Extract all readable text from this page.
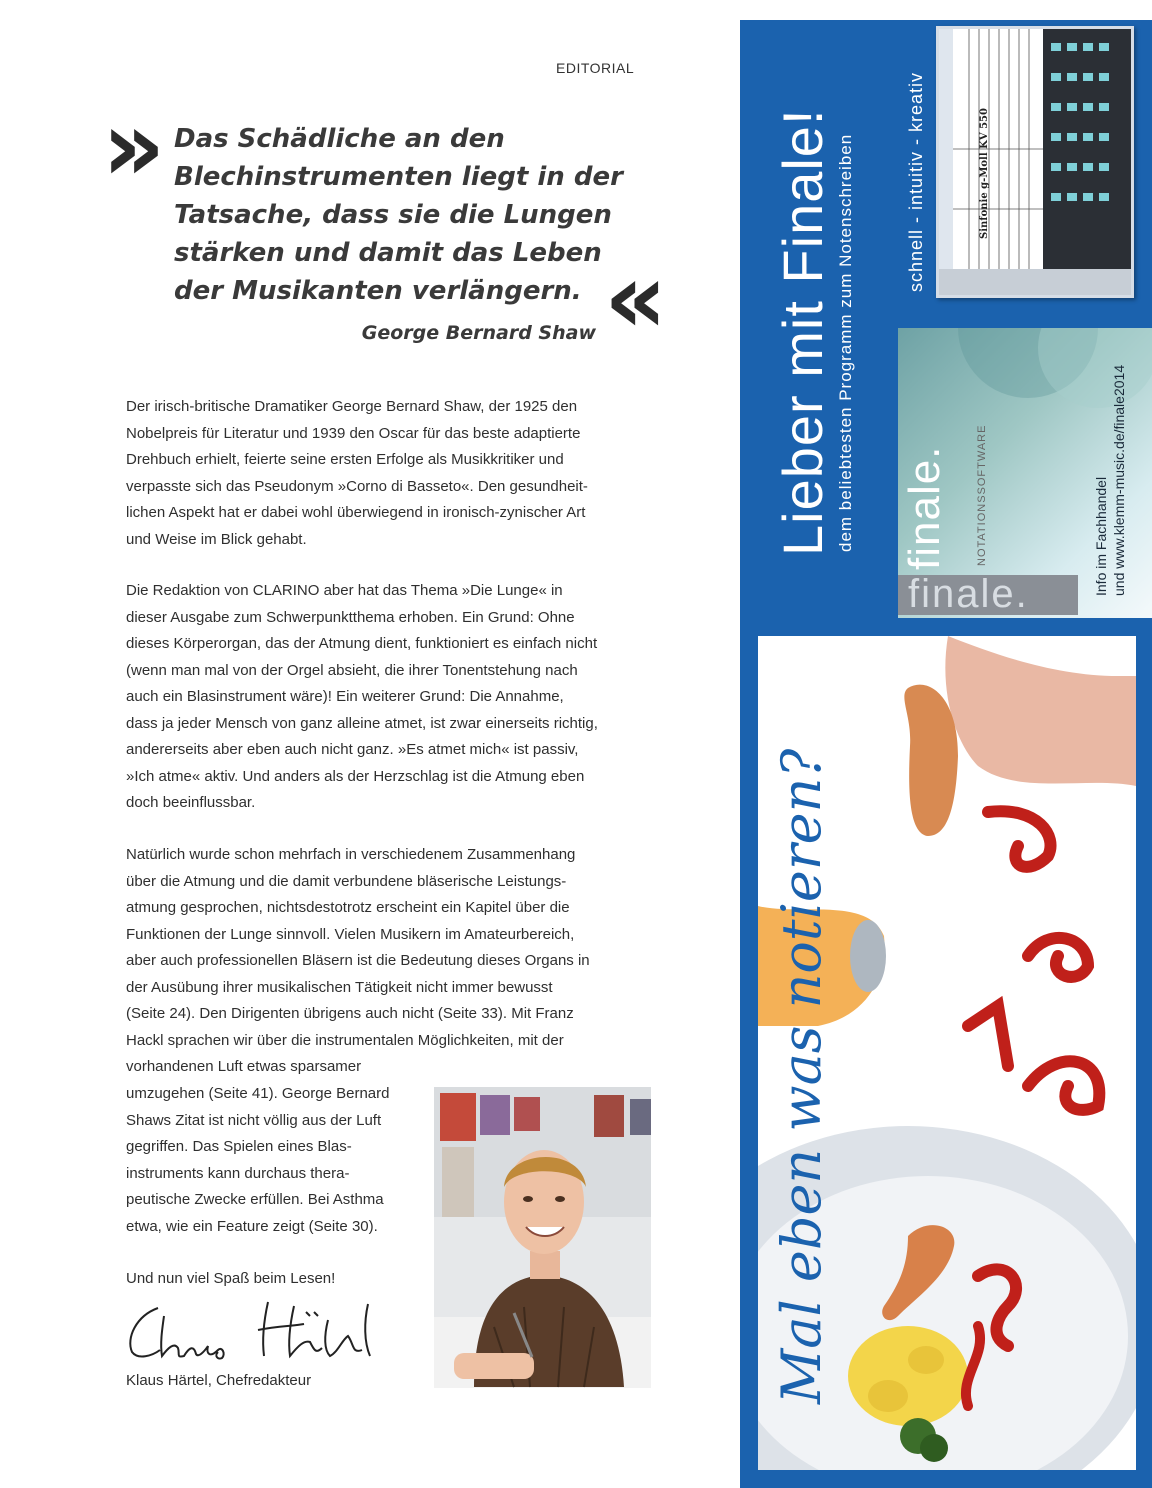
EDITORIAL
» Das Schädliche an den
Blechinstrumenten liegt in der
Tatsache, dass sie die Lungen
stärken und damit das Leben
der Musikanten verlängern. «
George Bernard Shaw
Der irisch-britische Dramatiker George Bernard Shaw, der 1925 den
Nobelpreis für Literatur und 1939 den Oscar für das beste adaptierte
Drehbuch erhielt, feierte seine ersten Erfolge als Musikkritiker und
verpasste sich das Pseudonym »Corno di Basseto«. Den gesundheit-
lichen Aspekt hat er dabei wohl überwiegend in ironisch-zynischer Art
und Weise im Blick gehabt.
Die Redaktion von CLARINO aber hat das Thema »Die Lunge« in
dieser Ausgabe zum Schwerpunktthema erhoben. Ein Grund: Ohne
dieses Körperorgan, das der Atmung dient, funktioniert es einfach nicht
(wenn man mal von der Orgel absieht, die ihrer Tonentstehung nach
auch ein Blasinstrument wäre)! Ein weiterer Grund: Die Annahme,
dass ja jeder Mensch von ganz alleine atmet, ist zwar einerseits richtig,
andererseits aber eben auch nicht ganz. »Es atmet mich« ist passiv,
»Ich atme« aktiv. Und anders als der Herzschlag ist die Atmung eben
doch beeinflussbar.
Natürlich wurde schon mehrfach in verschiedenem Zusammenhang
über die Atmung und die damit verbundene bläserische Leistungs-
atmung gesprochen, nichtsdestotrotz erscheint ein Kapitel über die
Funktionen der Lunge sinnvoll. Vielen Musikern im Amateurbereich,
aber auch professionellen Bläsern ist die Bedeutung dieses Organs in
der Ausübung ihrer musikalischen Tätigkeit nicht immer bewusst
(Seite 24). Den Dirigenten übrigens auch nicht (Seite 33). Mit Franz
Hackl sprachen wir über die instrumentalen Möglichkeiten, mit der
vorhandenen Luft etwas sparsamer
umzugehen (Seite 41). George Bernard
Shaws Zitat ist nicht völlig aus der Luft
gegriffen. Das Spielen eines Blas-
instruments kann durchaus thera-
peutische Zwecke erfüllen. Bei Asthma
etwa, wie ein Feature zeigt (Seite 30).
Und nun viel Spaß beim Lesen!
Klaus Härtel, Chefredakteur
Lieber mit Finale! dem beliebtesten Programm zum Notenschreiben	schnell - intuitiv - kreativ	Sinfonie g-Moll KV 550
finale.
finale. NOTATIONSSOFTWARE	Info im Fachhandel und www.klemm-music.de/finale2014
Mal eben was notieren?
